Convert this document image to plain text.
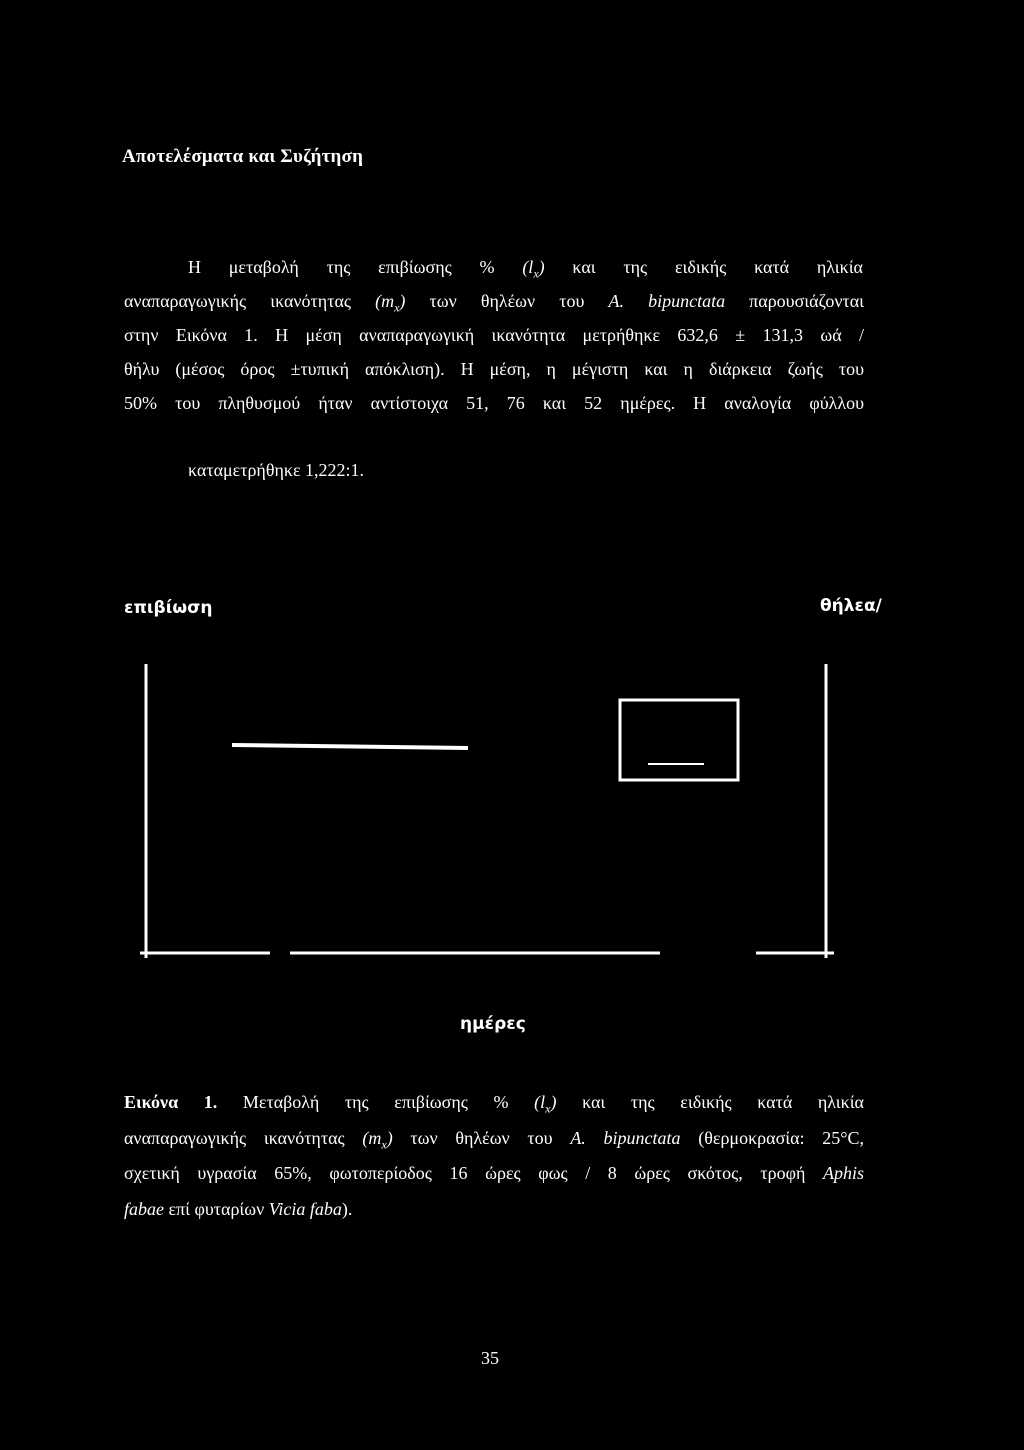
Αποτελέσματα και Συζήτηση
Η μεταβολή της επιβίωσης % $(l_x)$ και της ειδικής κατά ηλικία
αναπαραγωγικής ικανότητας $(m_x)$ των θηλέων του A. bipunctata παρουσιάζονται
στην Εικόνα 1. Η μέση αναπαραγωγική ικανότητα μετρήθηκε 632,6 ± 131,3 ωά /
θήλυ (μέσος όρος ±τυπική απόκλιση). Η μέση, η μέγιστη και η διάρκεια ζωής του
50% του πληθυσμού ήταν αντίστοιχα 51, 76 και 52 ημέρες. Η αναλογία φύλλου
καταμετρήθηκε 1,222:1.
επιβίωση	θήλεα/
ημέρες
Εικόνα 1. Μεταβολή της επιβίωσης % $(l_x)$ και της ειδικής κατά ηλικία
αναπαραγωγικής ικανότητας $(m_x)$ των θηλέων του A. bipunctata (θερμοκρασία: 25°C,
σχετική υγρασία 65%, φωτοπερίοδος 16 ώρες φως / 8 ώρες σκότος, τροφή Aphis
fabae επί φυταρίων Vicia faba).
35
